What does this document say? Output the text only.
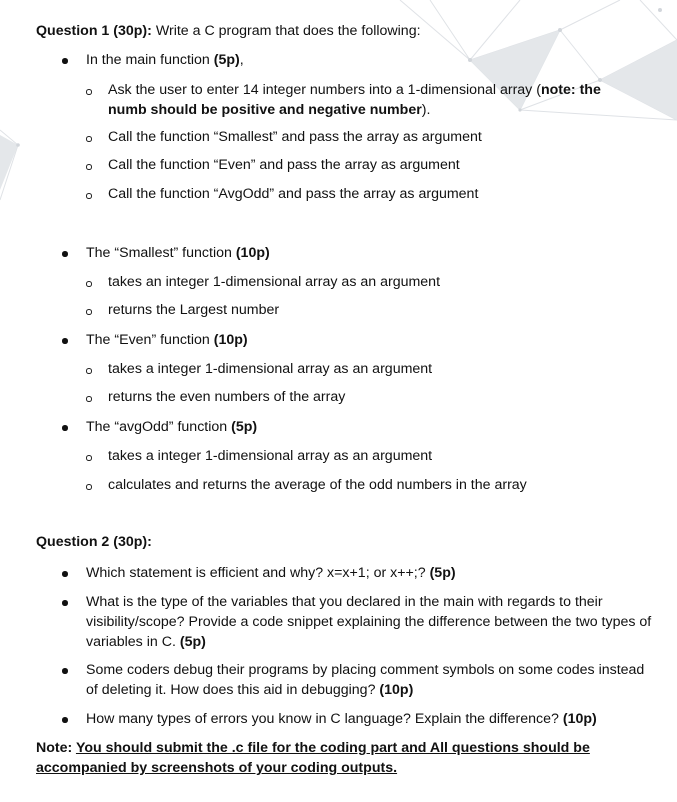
Question 1 (30p): Write a C program that does the following:
In the main function (5p),
Ask the user to enter 14 integer numbers into a 1-dimensional array (note: the numb should be positive and negative number).
Call the function “Smallest” and pass the array as argument
Call the function “Even” and pass the array as argument
Call the function “AvgOdd” and pass the array as argument
The “Smallest” function (10p)
takes an integer 1-dimensional array as an argument
returns the Largest number
The “Even” function (10p)
takes a integer 1-dimensional array as an argument
returns the even numbers of the array
The “avgOdd” function (5p)
takes a integer 1-dimensional array as an argument
calculates and returns the average of the odd numbers in the array
Question 2 (30p):
Which statement is efficient and why? x=x+1; or x++;? (5p)
What is the type of the variables that you declared in the main with regards to their visibility/scope? Provide a code snippet explaining the difference between the two types of variables in C. (5p)
Some coders debug their programs by placing comment symbols on some codes instead of deleting it. How does this aid in debugging? (10p)
How many types of errors you know in C language? Explain the difference? (10p)
Note: You should submit the .c file for the coding part and All questions should be accompanied by screenshots of your coding outputs.
